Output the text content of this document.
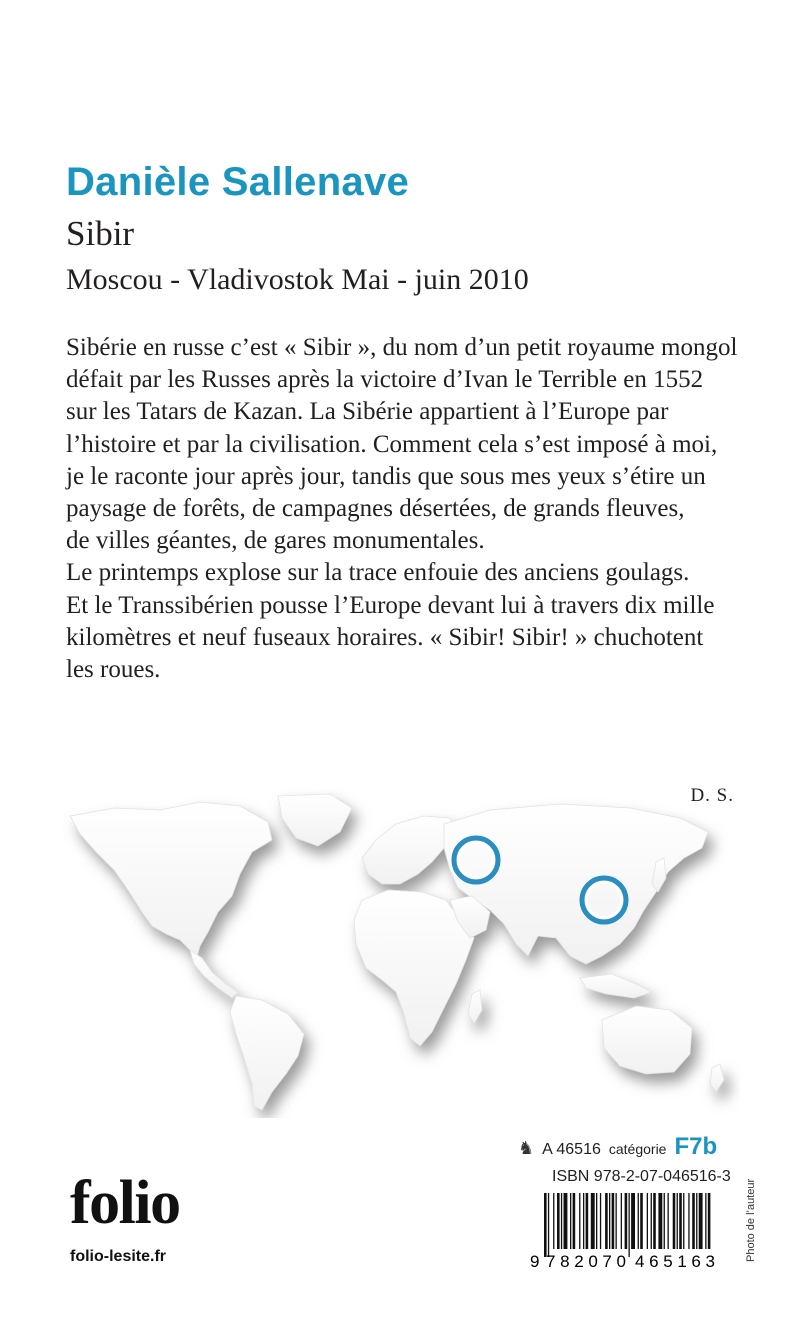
Danièle Sallenave
Sibir
Moscou - Vladivostok Mai - juin 2010

Sibérie en russe c’est « Sibir », du nom d’un petit royaume mongol

défait par les Russes après la victoire d’Ivan le Terrible en 1552

sur les Tatars de Kazan. La Sibérie appartient à l’Europe par

l’histoire et par la civilisation. Comment cela s’est imposé à moi,

je le raconte jour après jour, tandis que sous mes yeux s’étire un

paysage de forêts, de campagnes désertées, de grands fleuves,

de villes géantes, de gares monumentales.

Le printemps explose sur la trace enfouie des anciens goulags.

Et le Transsibérien pousse l’Europe devant lui à travers dix mille

kilomètres et neuf fuseaux horaires. « Sibir! Sibir! » chuchotent

les roues.

D. S.
♞ A 46516 catégorie F7b
ISBN 978-2-07-046516-3
9 782070 465163
folio
folio-lesite.fr	Photo de l’auteur
